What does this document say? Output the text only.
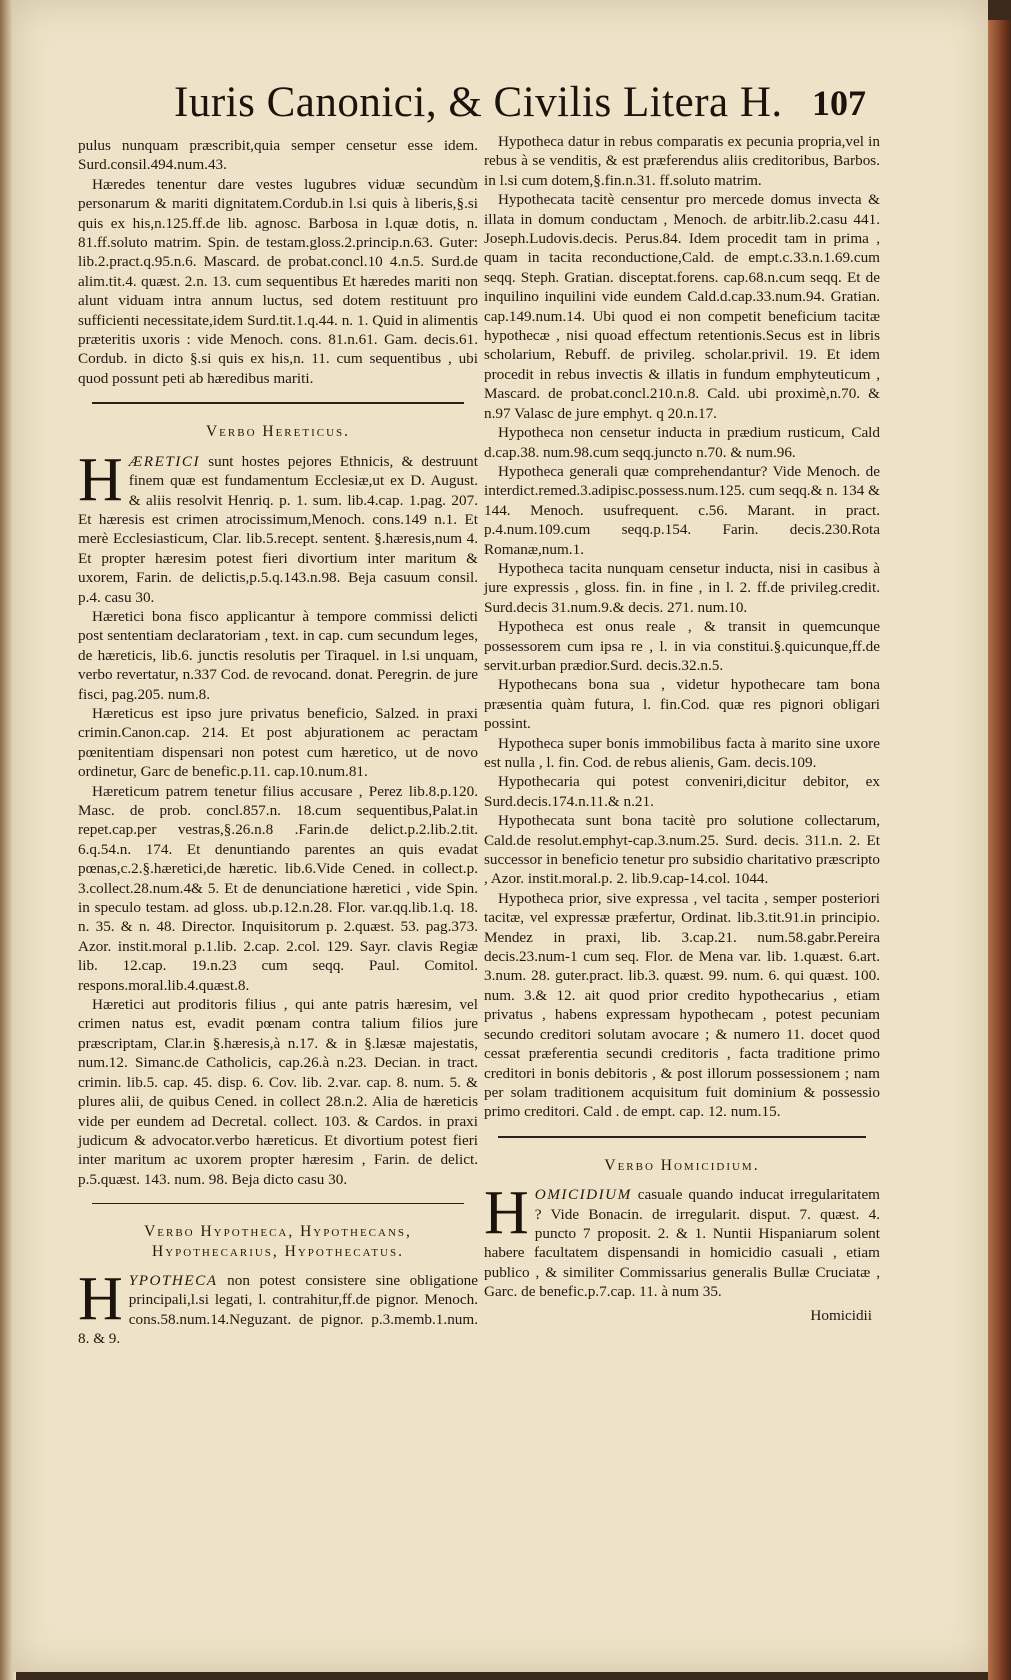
Iuris Canonici, & Civilis Litera H. 107

pulus nunquam præscribit,quia semper censetur esse idem. Surd.consil.494.num.43.

Hæredes tenentur dare vestes lugubres viduæ secundùm personarum & mariti dignitatem.Cordub.in l.si quis à liberis,§.si quis ex his,n.125.ff.de lib. agnosc. Barbosa in l.quæ dotis, n. 81.ff.soluto matrim. Spin. de testam.gloss.2.princip.n.63. Guter: lib.2.pract.q.95.n.6. Mascard. de probat.concl.10 4.n.5. Surd.de alim.tit.4. quæst. 2.n. 13. cum sequentibus Et hæredes mariti non alunt viduam intra annum luctus, sed dotem restituunt pro sufficienti necessitate,idem Surd.tit.1.q.44. n. 1. Quid in alimentis præteritis uxoris : vide Menoch. cons. 81.n.61. Gam. decis.61. Cordub. in dicto §.si quis ex his,n. 11. cum sequentibus , ubi quod possunt peti ab hæredibus mariti.

Verbo Hereticus.

H ÆRETICI sunt hostes pejores Ethnicis, & destruunt finem quæ est fundamentum Ecclesiæ,ut ex D. August. & aliis resolvit Henriq. p. 1. sum. lib.4.cap. 1.pag. 207. Et hæresis est crimen atrocissimum,Menoch. cons.149 n.1. Et merè Ecclesiasticum, Clar. lib.5.recept. sentent. §.hæresis,num 4. Et propter hæresim potest fieri divortium inter maritum & uxorem, Farin. de delictis,p.5.q.143.n.98. Beja casuum consil. p.4. casu 30.

Hæretici bona fisco applicantur à tempore commissi delicti post sententiam declaratoriam , text. in cap. cum secundum leges, de hæreticis, lib.6. junctis resolutis per Tiraquel. in l.si unquam, verbo revertatur, n.337 Cod. de revocand. donat. Peregrin. de jure fisci, pag.205. num.8.

Hæreticus est ipso jure privatus beneficio, Salzed. in praxi crimin.Canon.cap. 214. Et post abjurationem ac peractam pœnitentiam dispensari non potest cum hæretico, ut de novo ordinetur, Garc de benefic.p.11. cap.10.num.81.

Hæreticum patrem tenetur filius accusare , Perez lib.8.p.120. Masc. de prob. concl.857.n. 18.cum sequentibus,Palat.in repet.cap.per vestras,§.26.n.8 .Farin.de delict.p.2.lib.2.tit. 6.q.54.n. 174. Et denuntiando parentes an quis evadat pœnas,c.2.§.hæretici,de hæretic. lib.6.Vide Cened. in collect.p. 3.collect.28.num.4& 5. Et de denunciatione hæretici , vide Spin. in speculo testam. ad gloss. ub.p.12.n.28. Flor. var.qq.lib.1.q. 18. n. 35. & n. 48. Director. Inquisitorum p. 2.quæst. 53. pag.373. Azor. instit.moral p.1.lib. 2.cap. 2.col. 129. Sayr. clavis Regiæ lib. 12.cap. 19.n.23 cum seqq. Paul. Comitol. respons.moral.lib.4.quæst.8.

Hæretici aut proditoris filius , qui ante patris hæresim, vel crimen natus est, evadit pœnam contra talium filios jure præscriptam, Clar.in §.hæresis,à n.17. & in §.læsæ majestatis, num.12. Simanc.de Catholicis, cap.26.à n.23. Decian. in tract. crimin. lib.5. cap. 45. disp. 6. Cov. lib. 2.var. cap. 8. num. 5. & plures alii, de quibus Cened. in collect 28.n.2. Alia de hæreticis vide per eundem ad Decretal. collect. 103. & Cardos. in praxi judicum & advocator.verbo hæreticus. Et divortium potest fieri inter maritum ac uxorem propter hæresim , Farin. de delict. p.5.quæst. 143. num. 98. Beja dicto casu 30.

Verbo Hypotheca, Hypothecans, Hypothecarius, Hypothecatus.

H YPOTHECA non potest consistere sine obligatione principali,l.si legati, l. contrahitur,ff.de pignor. Menoch. cons.58.num.14.Neguzant. de pignor. p.3.memb.1.num. 8. & 9.

Hypotheca datur in rebus comparatis ex pecunia propria,vel in rebus à se venditis, & est præferendus aliis creditoribus, Barbos. in l.si cum dotem,§.fin.n.31. ff.soluto matrim.

Hypothecata tacitè censentur pro mercede domus invecta & illata in domum conductam , Menoch. de arbitr.lib.2.casu 441. Joseph.Ludovis.decis. Perus.84. Idem procedit tam in prima , quam in tacita reconductione,Cald. de empt.c.33.n.1.69.cum seqq. Steph. Gratian. disceptat.forens. cap.68.n.cum seqq. Et de inquilino inquilini vide eundem Cald.d.cap.33.num.94. Gratian. cap.149.num.14. Ubi quod ei non competit beneficium tacitæ hypothecæ , nisi quoad effectum retentionis.Secus est in libris scholarium, Rebuff. de privileg. scholar.privil. 19. Et idem procedit in rebus invectis & illatis in fundum emphyteuticum , Mascard. de probat.concl.210.n.8. Cald. ubi proximè,n.70. & n.97 Valasc de jure emphyt. q 20.n.17.

Hypotheca non censetur inducta in prædium rusticum, Cald d.cap.38. num.98.cum seqq.juncto n.70. & num.96.

Hypotheca generali quæ comprehendantur? Vide Menoch. de interdict.remed.3.adipisc.possess.num.125. cum seqq.& n. 134 & 144. Menoch. usufrequent. c.56. Marant. in pract. p.4.num.109.cum seqq.p.154. Farin. decis.230.Rota Romanæ,num.1.

Hypotheca tacita nunquam censetur inducta, nisi in casibus à jure expressis , gloss. fin. in fine , in l. 2. ff.de privileg.credit. Surd.decis 31.num.9.& decis. 271. num.10.

Hypotheca est onus reale , & transit in quemcunque possessorem cum ipsa re , l. in via constitui.§.quicunque,ff.de servit.urban prædior.Surd. decis.32.n.5.

Hypothecans bona sua , videtur hypothecare tam bona præsentia quàm futura, l. fin.Cod. quæ res pignori obligari possint.

Hypotheca super bonis immobilibus facta à marito sine uxore est nulla , l. fin. Cod. de rebus alienis, Gam. decis.109.

Hypothecaria qui potest conveniri,dicitur debitor, ex Surd.decis.174.n.11.& n.21.

Hypothecata sunt bona tacitè pro solutione collectarum, Cald.de resolut.emphyt-cap.3.num.25. Surd. decis. 311.n. 2. Et successor in beneficio tenetur pro subsidio charitativo præscripto , Azor. instit.moral.p. 2. lib.9.cap-14.col. 1044.

Hypotheca prior, sive expressa , vel tacita , semper posteriori tacitæ, vel expressæ præfertur, Ordinat. lib.3.tit.91.in principio. Mendez in praxi, lib. 3.cap.21. num.58.gabr.Pereira decis.23.num-1 cum seq. Flor. de Mena var. lib. 1.quæst. 6.art. 3.num. 28. guter.pract. lib.3. quæst. 99. num. 6. qui quæst. 100. num. 3.& 12. ait quod prior credito hypothecarius , etiam privatus , habens expressam hypothecam , potest pecuniam secundo creditori solutam avocare ; & numero 11. docet quod cessat præferentia secundi creditoris , facta traditione primo creditori in bonis debitoris , & post illorum possessionem ; nam per solam traditionem acquisitum fuit dominium & possessio primo creditori. Cald . de empt. cap. 12. num.15.

Verbo Homicidium.

H OMICIDIUM casuale quando inducat irregularitatem ? Vide Bonacin. de irregularit. disput. 7. quæst. 4. puncto 7 proposit. 2. & 1. Nuntii Hispaniarum solent habere facultatem dispensandi in homicidio casuali , etiam publico , & similiter Commissarius generalis Bullæ Cruciatæ , Garc. de benefic.p.7.cap. 11. à num 35.

Homicidii
